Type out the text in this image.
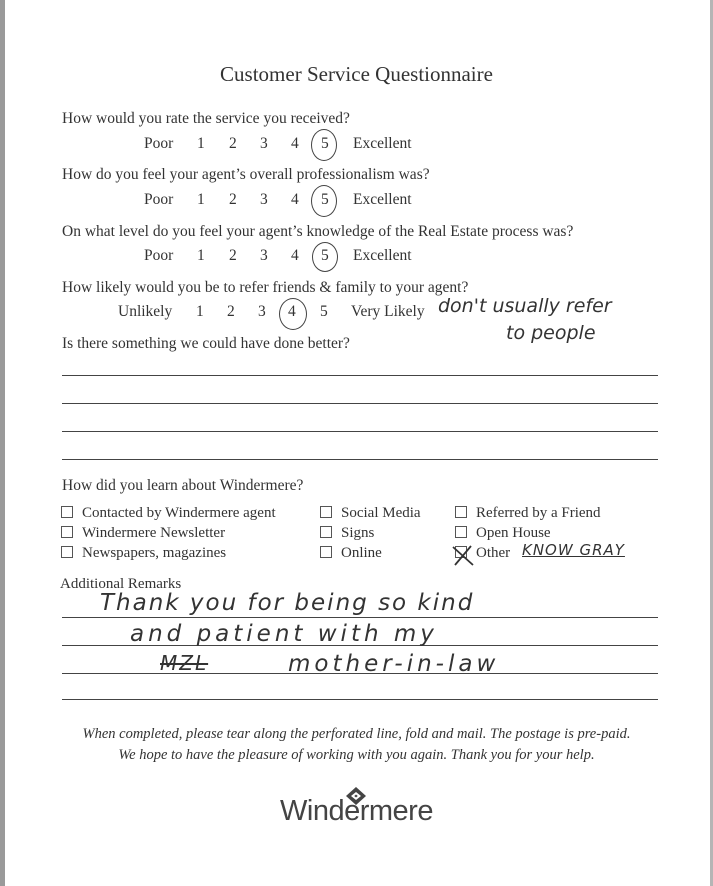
Customer Service Questionnaire
How would you rate the service you received?
Poor 1 2 3 4 5 Excellent
How do you feel your agent’s overall professionalism was?
Poor 1 2 3 4 5 Excellent
On what level do you feel your agent’s knowledge of the Real Estate process was?
Poor 1 2 3 4 5 Excellent
How likely would you be to refer friends & family to your agent?
Unlikely 1 2 3 4 5 Very Likely don't usually refer
to people
Is there something we could have done better?
How did you learn about Windermere?
Contacted by Windermere agent
Windermere Newsletter
Newspapers, magazines
Social Media
Signs
Online
Referred by a Friend
Open House
Other KNOW GRAY
Additional Remarks
Thank you for being so kind
and patient with my
MZL	mother-in-law
When completed, please tear along the perforated line, fold and mail. The postage is pre-paid.
We hope to have the pleasure of working with you again. Thank you for your help.
Windermere
